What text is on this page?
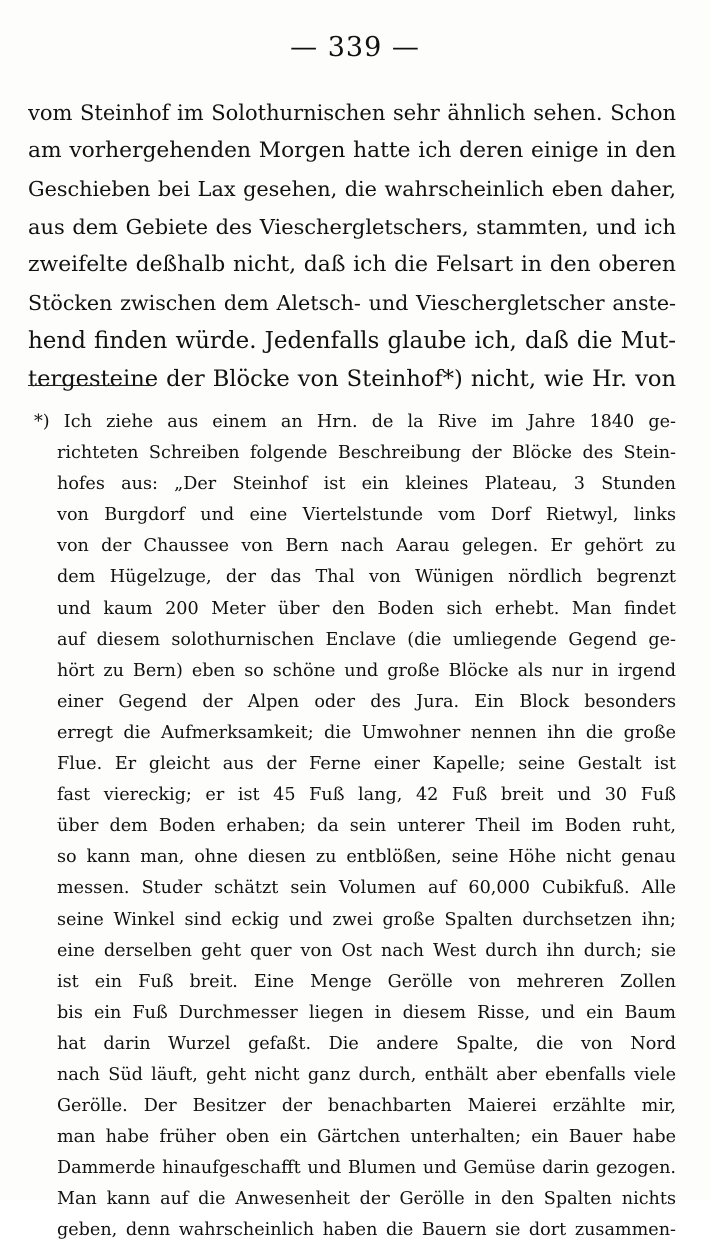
— 339 —
vom Steinhof im Solothurnischen sehr ähnlich sehen. Schon
am vorhergehenden Morgen hatte ich deren einige in den
Geschieben bei Lax gesehen, die wahrscheinlich eben daher,
aus dem Gebiete des Vieschergletschers, stammten, und ich
zweifelte deßhalb nicht, daß ich die Felsart in den oberen
Stöcken zwischen dem Aletsch- und Vieschergletscher anste-
hend finden würde. Jedenfalls glaube ich, daß die Mut-
tergesteine der Blöcke von Steinhof*) nicht, wie Hr. von
*) Ich ziehe aus einem an Hrn. de la Rive im Jahre 1840 ge-
richteten Schreiben folgende Beschreibung der Blöcke des Stein-
hofes aus: „Der Steinhof ist ein kleines Plateau, 3 Stunden
von Burgdorf und eine Viertelstunde vom Dorf Rietwyl, links
von der Chaussee von Bern nach Aarau gelegen. Er gehört zu
dem Hügelzuge, der das Thal von Wünigen nördlich begrenzt
und kaum 200 Meter über den Boden sich erhebt. Man findet
auf diesem solothurnischen Enclave (die umliegende Gegend ge-
hört zu Bern) eben so schöne und große Blöcke als nur in irgend
einer Gegend der Alpen oder des Jura. Ein Block besonders
erregt die Aufmerksamkeit; die Umwohner nennen ihn die große
Flue. Er gleicht aus der Ferne einer Kapelle; seine Gestalt ist
fast viereckig; er ist 45 Fuß lang, 42 Fuß breit und 30 Fuß
über dem Boden erhaben; da sein unterer Theil im Boden ruht,
so kann man, ohne diesen zu entblößen, seine Höhe nicht genau
messen. Studer schätzt sein Volumen auf 60,000 Cubikfuß. Alle
seine Winkel sind eckig und zwei große Spalten durchsetzen ihn;
eine derselben geht quer von Ost nach West durch ihn durch; sie
ist ein Fuß breit. Eine Menge Gerölle von mehreren Zollen
bis ein Fuß Durchmesser liegen in diesem Risse, und ein Baum
hat darin Wurzel gefaßt. Die andere Spalte, die von Nord
nach Süd läuft, geht nicht ganz durch, enthält aber ebenfalls viele
Gerölle. Der Besitzer der benachbarten Maierei erzählte mir,
man habe früher oben ein Gärtchen unterhalten; ein Bauer habe
Dammerde hinaufgeschafft und Blumen und Gemüse darin gezogen.
Man kann auf die Anwesenheit der Gerölle in den Spalten nichts
geben, denn wahrscheinlich haben die Bauern sie dort zusammen-
